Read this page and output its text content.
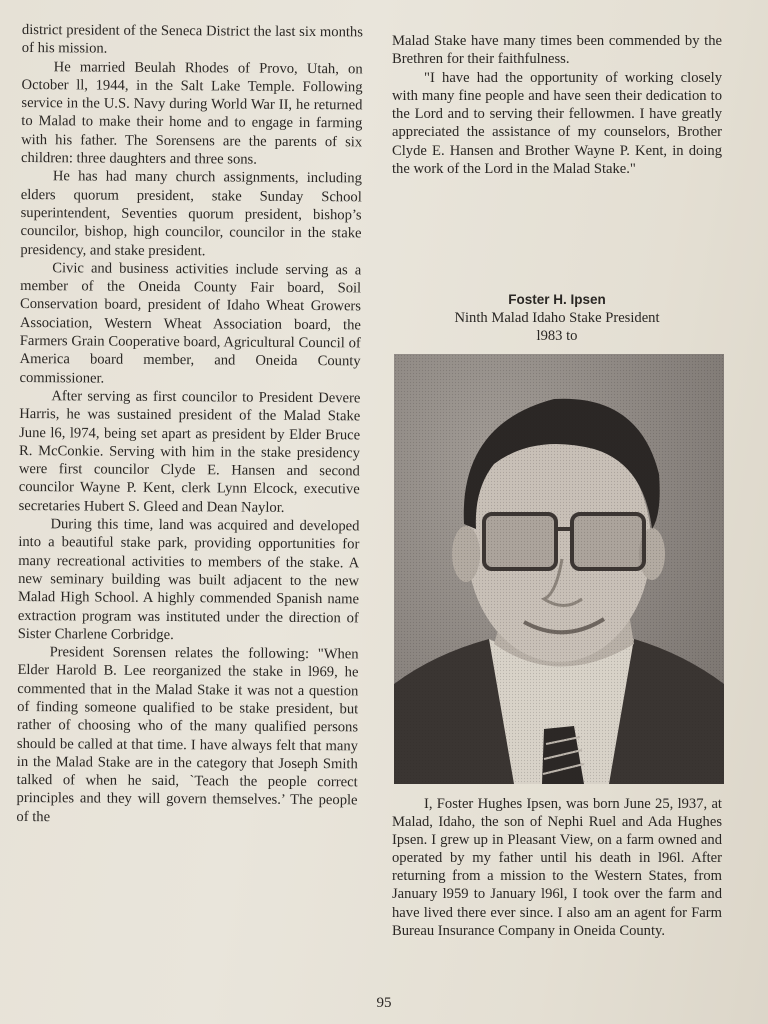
district president of the Seneca District the last six months of his mission.

He married Beulah Rhodes of Provo, Utah, on October ll, 1944, in the Salt Lake Temple. Following service in the U.S. Navy during World War II, he returned to Malad to make their home and to engage in farming with his father. The Sorensens are the parents of six children: three daughters and three sons.

He has had many church assignments, including elders quorum president, stake Sunday School superintendent, Seventies quorum president, bishop’s councilor, bishop, high councilor, councilor in the stake presidency, and stake president.

Civic and business activities include serving as a member of the Oneida County Fair board, Soil Conservation board, president of Idaho Wheat Growers Association, Western Wheat Association board, the Farmers Grain Cooperative board, Agricultural Council of America board member, and Oneida County commissioner.

After serving as first councilor to President Devere Harris, he was sustained president of the Malad Stake June l6, l974, being set apart as president by Elder Bruce R. McConkie. Serving with him in the stake presidency were first councilor Clyde E. Hansen and second councilor Wayne P. Kent, clerk Lynn Elcock, executive secretaries Hubert S. Gleed and Dean Naylor.

During this time, land was acquired and developed into a beautiful stake park, providing opportunities for many recreational activities to members of the stake. A new seminary building was built adjacent to the new Malad High School. A highly commended Spanish name extraction program was instituted under the direction of Sister Charlene Corbridge.

President Sorensen relates the following: "When Elder Harold B. Lee reorganized the stake in l969, he commented that in the Malad Stake it was not a question of finding someone qualified to be stake president, but rather of choosing who of the many qualified persons should be called at that time. I have always felt that many in the Malad Stake are in the category that Joseph Smith talked of when he said, `Teach the people correct principles and they will govern themselves.’ The people of the

Malad Stake have many times been commended by the Brethren for their faithfulness.

"I have had the opportunity of working closely with many fine people and have seen their dedication to the Lord and to serving their fellowmen. I have greatly appreciated the assistance of my counselors, Brother Clyde E. Hansen and Brother Wayne P. Kent, in doing the work of the Lord in the Malad Stake."

Foster H. Ipsen
Ninth Malad Idaho Stake President
l983 to

I, Foster Hughes Ipsen, was born June 25, l937, at Malad, Idaho, the son of Nephi Ruel and Ada Hughes Ipsen. I grew up in Pleasant View, on a farm owned and operated by my father until his death in l96l. After returning from a mission to the Western States, from January l959 to January l96l, I took over the farm and have lived there ever since. I also am an agent for Farm Bureau Insurance Company in Oneida County.

95
